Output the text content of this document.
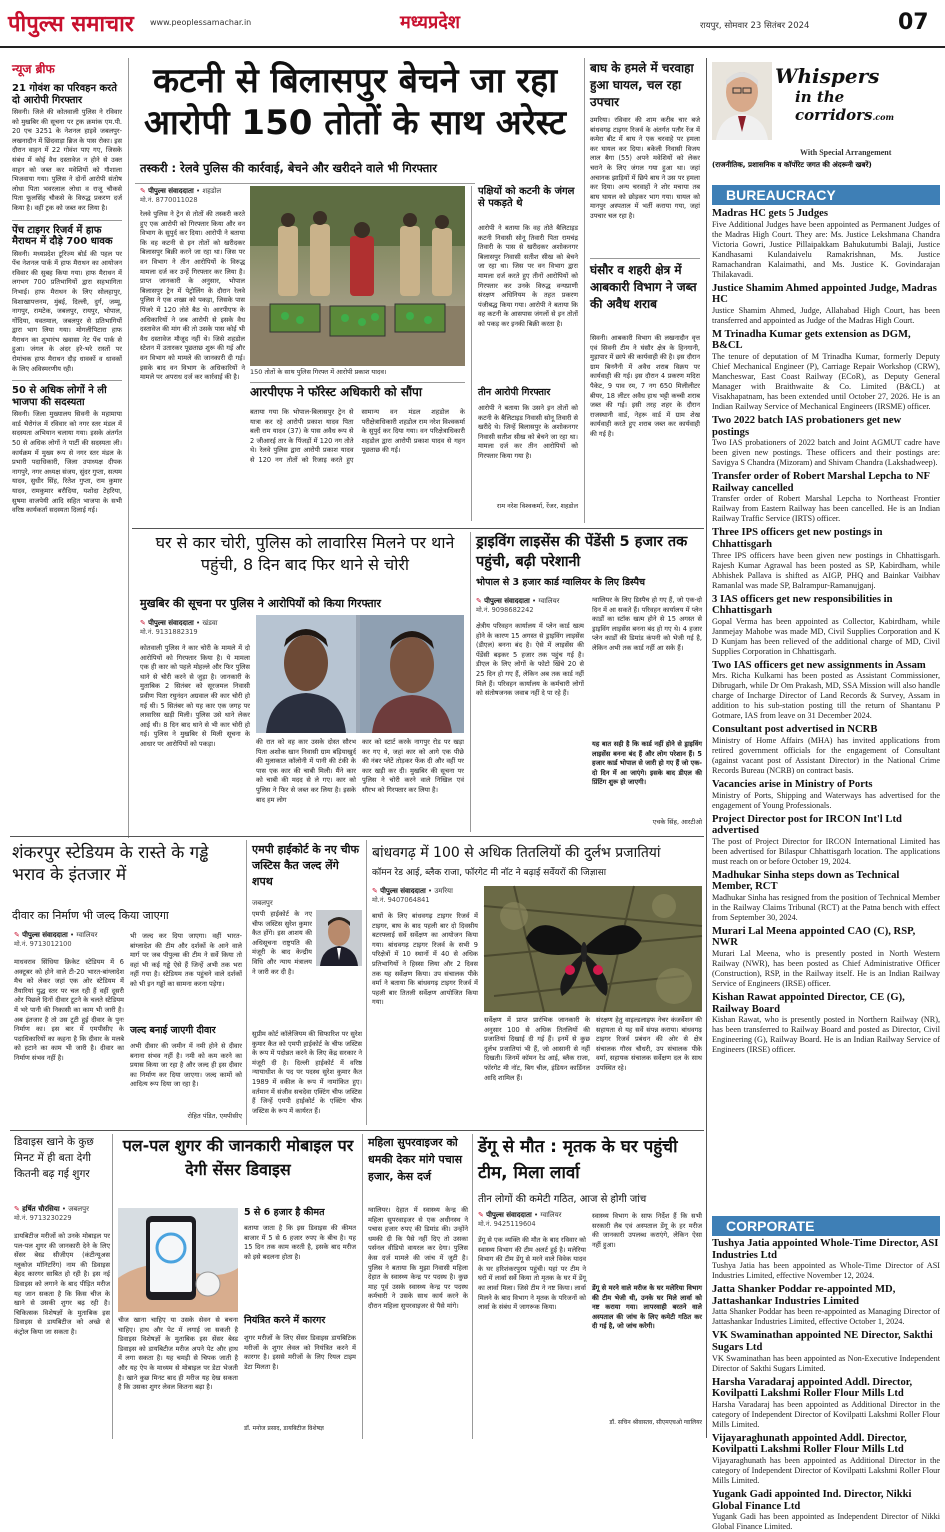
पीपुल्स समाचार www.peoplessamachar.in	मध्यप्रदेश	रायपुर, सोमवार 23 सितंबर 2024	07
न्यूज ब्रीफ
21 गोवंश का परिवहन करते दो आरोपी गिरफ्तार
सिवनी। जिले की कोतवाली पुलिस ने रविवार को मुखबिर की सूचना पर ट्रक क्रमांक एम.पी. 20 एच 3251 के नेशनल हाइवे जबलपुर-लखनादौन में छिंदवाड़ा ब्रिज के पास रोका। इस दौरान वाहन में 22 गोवंश पाए गए, जिसके संबंध में कोई वैध दस्तावेज न होने से उक्त वाहन को जब्त कर मवेशियों को गौशाला भिजवाया गया। पुलिस ने दोनों आरोपी संतोष लोधा पिता भवरलाल लोधा व राजू चौकसे पिता फूलसिंह चौकसे के विरुद्ध प्रकरण दर्ज किया है। वहीं ट्रक को जब्त कर लिया है।
पेंच टाइगर रिजर्व में हाफ मैराथन में दौड़े 700 धावक
सिवनी। मध्यप्रदेश टूरिज्म बोर्ड की पहल पर पेंच नेशनल पार्क में हाफ मैराथन का आयोजन रविवार की सुबह किया गया। हाफ मैराथन में लगभग 700 प्रतिभागियों द्वारा सहभागिता निभाई। हाफ मैराथन के लिए सोलहापुर, विशाखापत्तनम, मुंबई, दिल्ली, दुर्ग, जम्मू, नागपुर, रामटेक, जबलपुर, रायपुर, भोपाल, गोंदिया, यवतमाल, जबलपुर से प्रतिभागियों द्वारा भाग लिया गया। मोगलीपिटारा हाफ मैराथन का शुभारंभ खवासा नेट पेंच पार्क से हुआ। जंगल के अंदर हरे-भरे रास्तों पर रोमांचक हाफ मैराथन दौड़ धावकों व धावकों के लिए अविस्मरणीय रही।
50 से अधिक लोगों ने ली भाजपा की सदस्यता
सिवनी। जिला मुख्यालय सिवनी के महामाया वार्ड भैरोगंज में रविवार को नगर स्तर मंडल में सदस्यता अभियान चलाया गया। इसके अंतर्गत 50 से अधिक लोगों ने पार्टी की सदस्यता ली। कार्यक्रम में मुख्य रूप से नगर स्तर मंडल के प्रभारी पदाधिकारी, जिला उपाध्यक्ष दीपक नागपुरे, नगर अध्यक्ष संजय, सुंदर गुप्ता, सत्यम यादव, सुधीर सिंह, रितेश गुप्ता, राम कुमार यादव, रामकुमार बरौदिया, यशोदा टेहरिया, सुषमा वाजपेयी आदि सहित भाजपा के सभी वरिष्ठ कार्यकर्ता सदस्यता दिलाई गई।
कटनी से बिलासपुर बेचने जा रहा आरोपी 150 तोतों के साथ अरेस्ट
तस्करी : रेलवे पुलिस की कार्रवाई, बेचने और खरीदने वाले भी गिरफ्तार
✎ पीपुल्स संवाददाता • शहडोल
मो.नं. 8770011028
रेलवे पुलिस ने ट्रेन से तोतों की तस्करी करते हुए एक आरोपी को गिरफ्तार किया और वन विभाग के सुपुर्द कर दिया। आरोपी ने बताया कि वह कटनी से इन तोतों को खरीदकर बिलासपुर बिक्री करने जा रहा था। जिस पर वन विभाग ने तीन आरोपियों के विरुद्ध मामला दर्ज कर उन्हें गिरफ्तार कर लिया है। प्राप्त जानकारी के अनुसार, भोपाल बिलासपुर ट्रेन में पेट्रोलिंग के दौरान रेलवे पुलिस ने एक शख्स को पकड़ा, जिसके पास पिंजरे में 120 तोते बैठ थे। आरपीएफ के अधिकारियों ने जब आरोपी से इसके वैध दस्तावेज की मांग की तो उसके पास कोई भी वैध दस्तावेज मौजूद नहीं थे। जिसे शहडोल स्टेशन में उतारकर पूछताछ शुरू की गई और वन विभाग को मामले की जानकारी दी गई। इसके बाद वन विभाग के अधिकारियों ने मामले पर अपराध दर्ज कर कार्रवाई की है।
150 तोतों के साथ पुलिस गिरफ्त में आरोपी प्रकाश यादव।
आरपीएफ ने फॉरेस्ट अधिकारी को सौंपा
बताया गया कि भोपाल-बिलासपुर ट्रेन से यात्रा कर रहे आरोपी प्रकाश यादव पिता बली राम यादव (37) के पास अवैध रूप से 2 जीआरई तार के पिंजड़ों में 120 नग तोते थे। रेलवे पुलिस द्वारा आरोपी प्रकाश यादव से 120 नग तोतों को रिजाइ करते हुए सामान्य वन मंडल शहडोल के परीक्षेत्राधिकारी शहडोल राम नरेश विश्वकर्मा के सुपुर्द कर दिया गया। वन परिक्षेत्राधिकारी शहडोल द्वारा आरोपी प्रकाश यादव से गहन पूछताछ की गई।
पक्षियों को कटनी के जंगल से पकड़ते थे
आरोपी ने बताया कि वह तोते बैलिटाइड कटनी निवासी सोनू तिवारी पिता रामचंद्र तिवारी के पास से खरीदकर अशोकनगर बिलासपुर निवासी सतीश सीख को बेचने जा रहा था। जिस पर वन विभाग द्वारा मामला दर्ज करते हुए तीनों आरोपियों को गिरफ्तार कर उनके विरुद्ध वन्यप्राणी संरक्षण अधिनियम के तहत प्रकरण पंजीबद्ध किया गया। आरोपी ने बताया कि वह कटनी के आसपास जंगलों से इन तोतों को पकड़ कर इनकी बिक्री करता है।
तीन आरोपी गिरफ्तार
आरोपी ने बताया कि उसने इन तोतों को कटनी के बैलिटाइड निवासी सोनू तिवारी से खरीदे थे। जिन्हें बिलासपुर के अशोकनगर निवासी सतीश सीख को बेचने जा रहा था। मामला दर्ज कर तीन आरोपियों को गिरफ्तार किया गया है।
राम नरेश विश्वकर्मा, रेंजर, शहडोल
बाघ के हमले में चरवाहा हुआ घायल, चल रहा उपचार
उमरिया। रविवार की शाम करीब चार बजे बांधवगढ़ टाइगर रिजर्व के अंतर्गत पतौर रेंज में कमेरा बीट में बाघ ने एक चरवाहे पर हमला कर घायल कर दिया। बकेली निवासी विजय लाल बैगा (55) अपने मवेशियों को लेकर चराने के लिए जंगल गया हुआ था। जहां अचानक झाड़ियों में छिपे बाघ ने उस पर हमला कर दिया। अन्य चरवाहों ने शोर मचाया तब बाघ घायल को छोड़कर भाग गया। घायल को मानपुर अस्पताल में भर्ती कराया गया, जहां उपचार चल रहा है।
घंसौर व शहरी क्षेत्र में आबकारी विभाग ने जब्त की अवैध शराब
सिवनी। आबकारी विभाग की लखनादौन वृत्त एवं सिवनी टीम ने घंसौर क्षेत्र के हिनगानी, मुड़ापार में छापे की कार्यवाही की है। इस दौरान ग्राम बिननैनी में अवैध शराब विक्रय पर कार्यवाही की गई। इस दौरान 4 प्रकरण मदिरा पैकेट, 9 पाव रम, 7 नग 650 मिलीलीटर बीयर, 18 लीटर अवैध हाथ भट्टी कच्ची शराब जब्त की गई। इसी तरह शहर के दौरान राजस्थानी वार्ड, नेहरू वार्ड में ग्राम शेख कार्यवाही करते हुए शराब जब्त कर कार्यवाही की गई है।
Whispers
in the corridors.com
With Special Arrangement
(राजनीतिक, प्रशासनिक व कॉर्पोरेट जगत की अंदरूनी खबरें)
BUREAUCRACY
Madras HC gets 5 Judges
Five Additional Judges have been appointed as Permanent Judges of the Madras High Court. They are: Ms. Justice Lekshmana Chandra Victoria Gowri, Justice Pillaipakkam Bahukutumbi Balaji, Justice Kandhasami Kulandaivelu Ramakrishnan, Ms. Justice Ramachandran Kalaimathi, and Ms. Justice K. Govindarajan Thilakavadi.
Justice Shamim Ahmed appointed Judge, Madras HC
Justice Shamim Ahmed, Judge, Allahabad High Court, has been transferred and appointed as Judge of the Madras High Court.
M Trinadha Kumar gets extension as DGM, B&CL
The tenure of deputation of M Trinadha Kumar, formerly Deputy Chief Mechanical Engineer (P), Carriage Repair Workshop (CRW), Mancheswar, East Coast Railway (ECoR), as Deputy General Manager with Braithwaite & Co. Limited (B&CL) at Visakhapatnam, has been extended until October 27, 2026. He is an Indian Railway Service of Mechanical Engineers (IRSME) officer.
Two 2022 batch IAS probationers get new postings
Two IAS probationers of 2022 batch and Joint AGMUT cadre have been given new postings. These officers and their postings are: Savigya S Chandra (Mizoram) and Shivam Chandra (Lakshadweep).
Transfer order of Robert Marshal Lepcha to NF Railway cancelled
Transfer order of Robert Marshal Lepcha to Northeast Frontier Railway from Eastern Railway has been cancelled. He is an Indian Railway Traffic Service (IRTS) officer.
Three IPS officers get new postings in Chhattisgarh
Three IPS officers have been given new postings in Chhattisgarh. Rajesh Kumar Agrawal has been posted as SP, Kabirdham, while Abhishek Pallava is shifted as AIGP, PHQ and Bainkar Vaibhav Ramanlal was made SP, Balrampur-Ramanujganj.
3 IAS officers get new responsibilities in Chhattisgarh
Gopal Verma has been appointed as Collector, Kabirdham, while Janmejay Mahobe was made MD, Civil Supplies Corporation and K D Kunjam has been relieved of the additional charge of MD, Civil Supplies Corporation in Chhattisgarh.
Two IAS officers get new assignments in Assam
Mrs. Richa Kulkarni has been posted as Assistant Commissioner, Dibrugarh, while Dr Om Prakash, MD, SSA Mission will also handle charge of Incharge Director of Land Records & Survey, Assam in addition to his sub-station posting till the return of Shantanu P Gotmare, IAS from leave on 31 December 2024.
Consultant post advertised in NCRB
Ministry of Home Affairs (MHA) has invited applications from retired government officials for the engagement of Consultant (against vacant post of Assistant Director) in the National Crime Records Bureau (NCRB) on contract basis.
Vacancies arise in Ministry of Ports
Ministry of Ports, Shipping and Waterways has advertised for the engagement of Young Professionals.
Project Director post for IRCON Int'l Ltd advertised
The post of Project Director for IRCON International Limited has been advertised for Bilaspur Chhattisgarh location. The applications must reach on or before October 19, 2024.
Madhukar Sinha steps down as Technical Member, RCT
Madhukar Sinha has resigned from the position of Technical Member in the Railway Claims Tribunal (RCT) at the Patna bench with effect from September 30, 2024.
Murari Lal Meena appointed CAO (C), RSP, NWR
Murari Lal Meena, who is presently posted in North Western Railway (NWR), has been posted as Chief Administrative Officer (Construction), RSP, in the Railway itself. He is an Indian Railway Service of Engineers (IRSE) officer.
Kishan Rawat appointed Director, CE (G), Railway Board
Kishan Rawat, who is presently posted in Northern Railway (NR), has been transferred to Railway Board and posted as Director, Civil Engineering (G), Railway Board. He is an Indian Railway Service of Engineers (IRSE) officer.
CORPORATE
Tushya Jatia appointed Whole-Time Director, ASI Industries Ltd
Tushya Jatia has been appointed as Whole-Time Director of ASI Industries Limited, effective November 12, 2024.
Jatta Shanker Poddar re-appointed MD, Jattashankar Industries Limited
Jatta Shanker Poddar has been re-appointed as Managing Director of Jattashankar Industries Limited, effective October 1, 2024.
VK Swaminathan appointed NE Director, Sakthi Sugars Ltd
VK Swaminathan has been appointed as Non-Executive Independent Director of Sakthi Sugars Limited.
Harsha Varadaraj appointed Addl. Director, Kovilpatti Lakshmi Roller Flour Mills Ltd
Harsha Varadaraj has been appointed as Additional Director in the category of Independent Director of Kovilpatti Lakshmi Roller Flour Mills Limited.
Vijayaraghunath appointed Addl. Director, Kovilpatti Lakshmi Roller Flour Mills Ltd
Vijayaraghunath has been appointed as Additional Director in the category of Independent Director of Kovilpatti Lakshmi Roller Flour Mills Limited.
Yugank Gadi appointed Ind. Director, Nikki Global Finance Ltd
Yugank Gadi has been appointed as Independent Director of Nikki Global Finance Limited.
घर से कार चोरी, पुलिस को लावारिस मिलने पर थाने पहुंची, 8 दिन बाद फिर थाने से चोरी
मुखबिर की सूचना पर पुलिस ने आरोपियों को किया गिरफ्तार
✎ पीपुल्स संवाददाता • खंडवा
मो.नं. 9131882319
कोतवाली पुलिस ने कार चोरी के मामले में दो आरोपियों को गिरफ्तार किया है। ये मामला एक ही कार को पहले मोहल्ले और फिर पुलिस थाने से चोरी करने से जुड़ा है। जानकारी के मुताबिक 2 सितंबर को सूरजमल निवासी प्रवीण पिता रघुनंदन अग्रवाल की कार चोरी हो गई थी। 5 सितंबर को यह कार एक जगह पर लावारिस खड़ी मिली। पुलिस उसे थाने लेकर आई थी। 8 दिन बाद थाने से भी कार चोरी हो गई। पुलिस ने मुखबिर से मिली सूचना के आधार पर आरोपियों को पकड़ा।	की रात को वह कार उसके दोस्त सौरभ पिता अशोक खान निवासी ग्राम बड़ियाखुर्द की मुलाकात कॉलोनी में पानी की टंकी के पास एक कार की चाबी मिली। मैंने कार को चाबी की मदद से ले गए। कार को पुलिस ने फिर से जब्त कर लिया है। इसके बाद हम लोग
कार को स्टार्ट करके नागपुर रोड पर खड़ा कर गए थे, जहां कार को आगे एक पीछे की नंबर प्लेटें तोड़कर फेंक दी और वहीं पर कार खड़ी कर दी। मुखबिर की सूचना पर पुलिस ने चोरी करने वाले निखिल एवं सौरभ को गिरफ्तार कर लिया है।
ड्राइविंग लाइसेंस की पेंडेंसी 5 हजार तक पहुंची, बढ़ी परेशानी
भोपाल से 3 हजार कार्ड ग्वालियर के लिए डिस्पैच
✎ पीपुल्स संवाददाता • ग्वालियर
मो.नं. 9098682242
क्षेत्रीय परिवहन कार्यालय में प्लेन कार्ड खत्म होने के कारण 15 अगस्त से ड्राइविंग लाइसेंस (डीएल) बनना बंद है। ऐसे में लाइसेंस की पेंडेंसी बढ़कर 5 हजार तक पहुंच गई है। डीएल के लिए लोगों के फोटो खिंचे 20 से 25 दिन हो गए हैं, लेकिन अब तक कार्ड नहीं मिले हैं। परिवहन कार्यालय के कर्मचारी लोगों को संतोषजनक जवाब नहीं दे पा रहे हैं।
ग्वालियर के लिए डिस्पैच हो गए हैं, जो एक-दो दिन में आ सकते हैं। परिवहन कार्यालय में प्लेन कार्डों का स्टॉक खत्म होने से 15 अगस्त से ड्राइविंग लाइसेंस बनना बंद हो गए थे। 4 हजार प्लेन कार्डों की डिमांड कंपनी को भेजी गई है, लेकिन अभी तक कार्ड नहीं आ सके हैं।
यह बात सही है कि कार्ड नहीं होने से ड्राइविंग लाइसेंस बनना बंद हैं और लोग परेशान हैं। 5 हजार कार्ड भोपाल से जारी हो गए हैं जो एक-दो दिन में आ जाएंगे। इसके बाद डीएल की प्रिंटिंग शुरू हो जाएगी।
एचके सिंह, आरटीओ
शंकरपुर स्टेडियम के रास्ते के गड्ढे भराव के इंतजार में
दीवार का निर्माण भी जल्द किया जाएगा
✎ पीपुल्स संवाददाता • ग्वालियर
मो.नं. 9713012100
माधवराव सिंधिया क्रिकेट स्टेडियम में 6 अक्टूबर को होने वाले टी-20 भारत-बांग्लादेश मैच को लेकर जहां एक ओर स्टेडियम में तैयारियां युद्ध स्तर पर चल रही हैं वहीं दूसरी ओर पिछले दिनों दीवार टूटने के चलते स्टेडियम में भरे पानी की निकासी का काम भी जारी है। अब इंतजार है तो उस टूटी हुई दीवार के पुनः निर्माण का। इस बार में एमपीसीए के पदाधिकारियों का कहना है कि दीवार के मलबे को हटाने का काम भी जारी है। दीवार का निर्माण संभव नहीं है।
भी जल्द कर दिया जाएगा। वहीं भारत-बांग्लादेश की टीम और दर्शकों के आने वाले मार्ग पर जब पीपुल्स की टीम ने सर्वे किया तो वहां भी कई गड्ढे ऐसे हैं जिन्हें अभी तक भरा नहीं गया है। स्टेडियम तक पहुंचने वाले दर्शकों को भी इन गड्ढों का सामना करना पड़ेगा।
जल्द बनाई जाएगी दीवार
अभी दीवार की जमीन में नमी होने से दीवार बनाना संभव नहीं है। नमी को कम करने का प्रयास किया जा रहा है और जल्द ही इस दीवार का निर्माण कर दिया जाएगा। जल्द कामों को आदित्य रूप दिया जा रहा है।
रोहित पंडित, एमपीसीए
एमपी हाईकोर्ट के नए चीफ जस्टिस कैत जल्द लेंगे शपथ
जबलपुर
एमपी हाईकोर्ट के नए चीफ जस्टिस सुरेश कुमार कैत होंगे। इस आशय की अधिसूचना राष्ट्रपति की मंजूरी के बाद केन्द्रीय विधि और न्याय मंत्रालय ने जारी कर दी है।
सुप्रीम कोर्ट कॉलेजियम की सिफारिश पर सुरेश कुमार कैत को एमपी हाईकोर्ट के चीफ जस्टिस के रूप में पदोन्नत करने के लिए केंद्र सरकार ने मंजूरी दी है। दिल्ली हाईकोर्ट में वरिष्ठ न्यायाधीश के पद पर पदस्थ सुरेश कुमार कैत 1989 में वकील के रूप में नामांकित हुए। वर्तमान में संजीव सचदेवा एक्टिंग चीफ जस्टिस हैं जिन्हें एमपी हाईकोर्ट के एक्टिंग चीफ जस्टिस के रूप में कार्यरत हैं।
बांधवगढ़ में 100 से अधिक तितलियों की दुर्लभ प्रजातियां
कॉमन रेड आई, ब्लैक राजा, फॉरगेट मी नॉट ने बढ़ाई सर्वेयरों की जिज्ञासा
✎ पीपुल्स संवाददाता • उमरिया
मो.नं. 9407064841
बाघों के लिए बांधवगढ़ टाइगर रिजर्व में टाइगर, बाघ के बाद पहली बार दो दिवसीय बटरफ्लाई सर्वे सर्वेक्षण का आयोजन किया गया। बांधवगढ़ टाइगर रिजर्व के सभी 9 परिक्षेत्रों में 10 स्थानों में 40 से अधिक प्रतिभागियों ने हिस्सा लिया और 2 दिवस तक यह सर्वेक्षण किया। उप संचालक पीके वर्मा ने बताया कि बांधवगढ़ टाइगर रिजर्व में पहली बार तितली सर्वेक्षण आयोजित किया गया।
सर्वेक्षण में प्राप्त प्रारंभिक जानकारी के अनुसार 100 से अधिक तितलियों की प्रजातियां दिखाई दी गई हैं। इनमें से कुछ दुर्लभ प्रजातियां भी हैं, जो आसानी से नहीं दिखती। जिनमें कॉमन रेड आई, ब्लैक राजा, फॉरगेट मी नॉट, बिग चील, इंडियन कार्डिनल आदि शामिल हैं।
संरक्षण हेतु वाइल्डलाइफ नेचर कंजर्वेशन की सहायता से यह सर्वे संपन्न कराया। बांधवगढ़ टाइगर रिजर्व प्रबंधन की ओर से क्षेत्र संचालक गौरव चौधरी, उप संचालक पीके वर्मा, सहायक संचालक सर्वेक्षण दल के साथ उपस्थित रहे।
डिवाइस खाने के कुछ मिनट में ही बता देगी कितनी बढ़ गई शुगर
✎ हर्षित चौरसिया • जबलपुर
मो.नं. 9713230229
डायबिटीज मरीजों को उनके मोबाइल पर पल-पल शुगर की जानकारी देने के लिए सेंसर बेस्ड सीजीएम (कंटीन्यूअस ग्लूकोज मॉनिटरिंग) नाम की डिवाइस बेहद कारगर साबित हो रही है। इस नई डिवाइस को लगाने के बाद पीड़ित मरीज यह जान सकता है कि किस चीज के खाने से उसकी शुगर बढ़ रही है। चिकित्सक विशेषज्ञों के मुताबिक इस डिवाइस से डायबिटीज को अच्छे से कंट्रोल किया जा सकता है।
पल-पल शुगर की जानकारी मोबाइल पर देगी सेंसर डिवाइस
5 से 6 हजार है कीमत
बताया जाता है कि इस डिवाइस की कीमत बाजार में 5 से 6 हजार रुपए के बीच है। यह 15 दिन तक काम करती है, इसके बाद मरीज को इसे बदलना होता है।
चीज खाना चाहिए या उसके सेवन से बचना चाहिए। हाथ और पेट में लगाई जा सकती है डिवाइस विशेषज्ञों के मुताबिक इस सेंसर बेस्ड डिवाइस को डायबिटीज मरीज अपने पेट और हाथ में लगा सकता है। यह चमड़ी से चिपक जाती है और यह ऐप के माध्यम से मोबाइल पर डेटा भेजती है। खाने कुछ मिनट बाद ही मरीज यह देख सकता है कि उसका शुगर लेवल कितना बढ़ा है।
नियंत्रित करने में कारगर
शुगर मरीजों के लिए सेंसर डिवाइस डायबिटिक मरीजों के शुगर लेवल को नियंत्रित करने में कारगर है। इससे मरीजों के लिए रियल टाइम डेटा मिलता है।
डॉ. मनोज प्रसाद, डायबिटीज विशेषज्ञ
महिला सुपरवाइजर को धमकी देकर मांगे पचास हजार, केस दर्ज
ग्वालियर। देहात में स्वास्थ्य केन्द्र की महिला सुपरवाइजर से एक अधीनस्थ ने पचास हजार रुपए की डिमांड की। उन्होंने धमकी दी कि पैसे नहीं दिए तो उसका पर्सनल वीडियो वायरल कर देगा। पुलिस केस दर्ज मामले की जांच में जुटी है। पुलिस ने बताया कि मुझा निवासी महिला देहात के स्वास्थ्य केन्द्र पर पदस्थ है। कुछ माह पूर्व उसके स्वास्थ्य केन्द्र पर पदस्थ कर्मचारी ने उसके साथ कार्य करने के दौरान महिला सुपरवाइजर से पैसे मांगे।
डेंगू से मौत : मृतक के घर पहुंची टीम, मिला लार्वा
तीन लोगों की कमेटी गठित, आज से होगी जांच
✎ पीपुल्स संवाददाता • ग्वालियर
मो.नं. 9425119604
डेंगू से एक व्यक्ति की मौत के बाद रविवार को स्वास्थ्य विभाग की टीम अलर्ट हुई है। मलेरिया विभाग की टीम डेंगू से मरने वाले विवेक यादव के घर हरिशंकरपुरम पहुंची। यहां पर टीम ने घरों में लार्वा सर्वे किया तो मृतक के घर में डेंगू का लार्वा मिला। जिसे टीम ने नष्ट किया। लार्वा मिलने के बाद विभाग ने मृतक के परिजनों को लार्वा के संबंध में जागरूक किया।
स्वास्थ्य विभाग के साफ निर्देश हैं कि सभी सरकारी लैब एवं अस्पताल डेंगू के हर मरीज की जानकारी उपलब्ध कराएंगे, लेकिन ऐसा नहीं हुआ।
डेंगू से मरने वाले मरीज के घर मलेरिया विभाग की टीम भेजी थी, उनके घर मिले लार्वा को नष्ट कराया गया। लापरवाही बरतने वाले अस्पताल की जांच के लिए कमेटी गठित कर दी गई है, जो जांच करेगी।
डॉ. सचिन श्रीवास्तव, सीएमएचओ ग्वालियर
